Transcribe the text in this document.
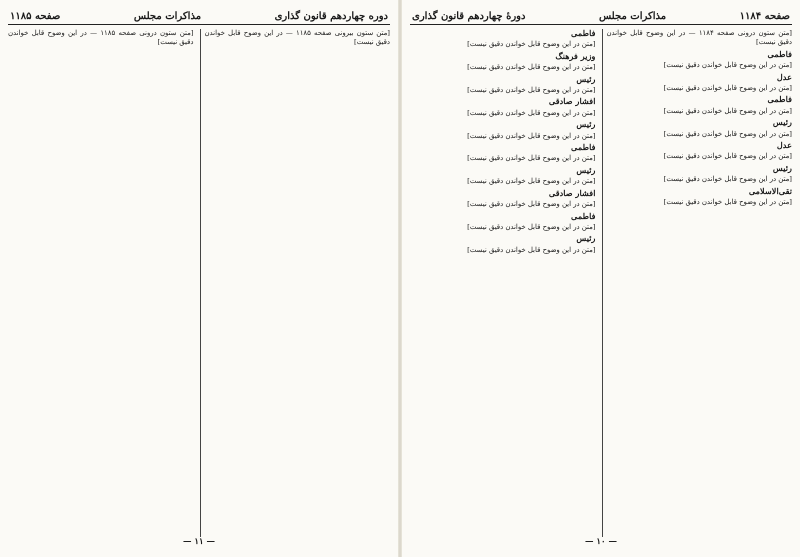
دوره چهاردهم قانون گذاری
مذاکرات مجلس
صفحه ۱۱۸۵

[متن ستون بیرونی صفحه ۱۱۸۵ — در این وضوح قابل خواندن دقیق نیست]

[متن ستون درونی صفحه ۱۱۸۵ — در این وضوح قابل خواندن دقیق نیست]

— ۱۱ —
صفحه ۱۱۸۴
مذاکرات مجلس
دورهٔ چهاردهم قانون گذاری

[متن ستون درونی صفحه ۱۱۸۴ — در این وضوح قابل خواندن دقیق نیست]

فاطمی

[متن در این وضوح قابل خواندن دقیق نیست]

عدل

[متن در این وضوح قابل خواندن دقیق نیست]

فاطمی

[متن در این وضوح قابل خواندن دقیق نیست]

رئیس

[متن در این وضوح قابل خواندن دقیق نیست]

عدل

[متن در این وضوح قابل خواندن دقیق نیست]

رئیس

[متن در این وضوح قابل خواندن دقیق نیست]

تقی‌الاسلامی

[متن در این وضوح قابل خواندن دقیق نیست]

فاطمی

[متن در این وضوح قابل خواندن دقیق نیست]

وزیر فرهنگ

[متن در این وضوح قابل خواندن دقیق نیست]

رئیس

[متن در این وضوح قابل خواندن دقیق نیست]

افشار صادقی

[متن در این وضوح قابل خواندن دقیق نیست]

رئیس

[متن در این وضوح قابل خواندن دقیق نیست]

فاطمی

[متن در این وضوح قابل خواندن دقیق نیست]

رئیس

[متن در این وضوح قابل خواندن دقیق نیست]

افشار صادقی

[متن در این وضوح قابل خواندن دقیق نیست]

فاطمی

[متن در این وضوح قابل خواندن دقیق نیست]

رئیس

[متن در این وضوح قابل خواندن دقیق نیست]

— ۱۰ —
